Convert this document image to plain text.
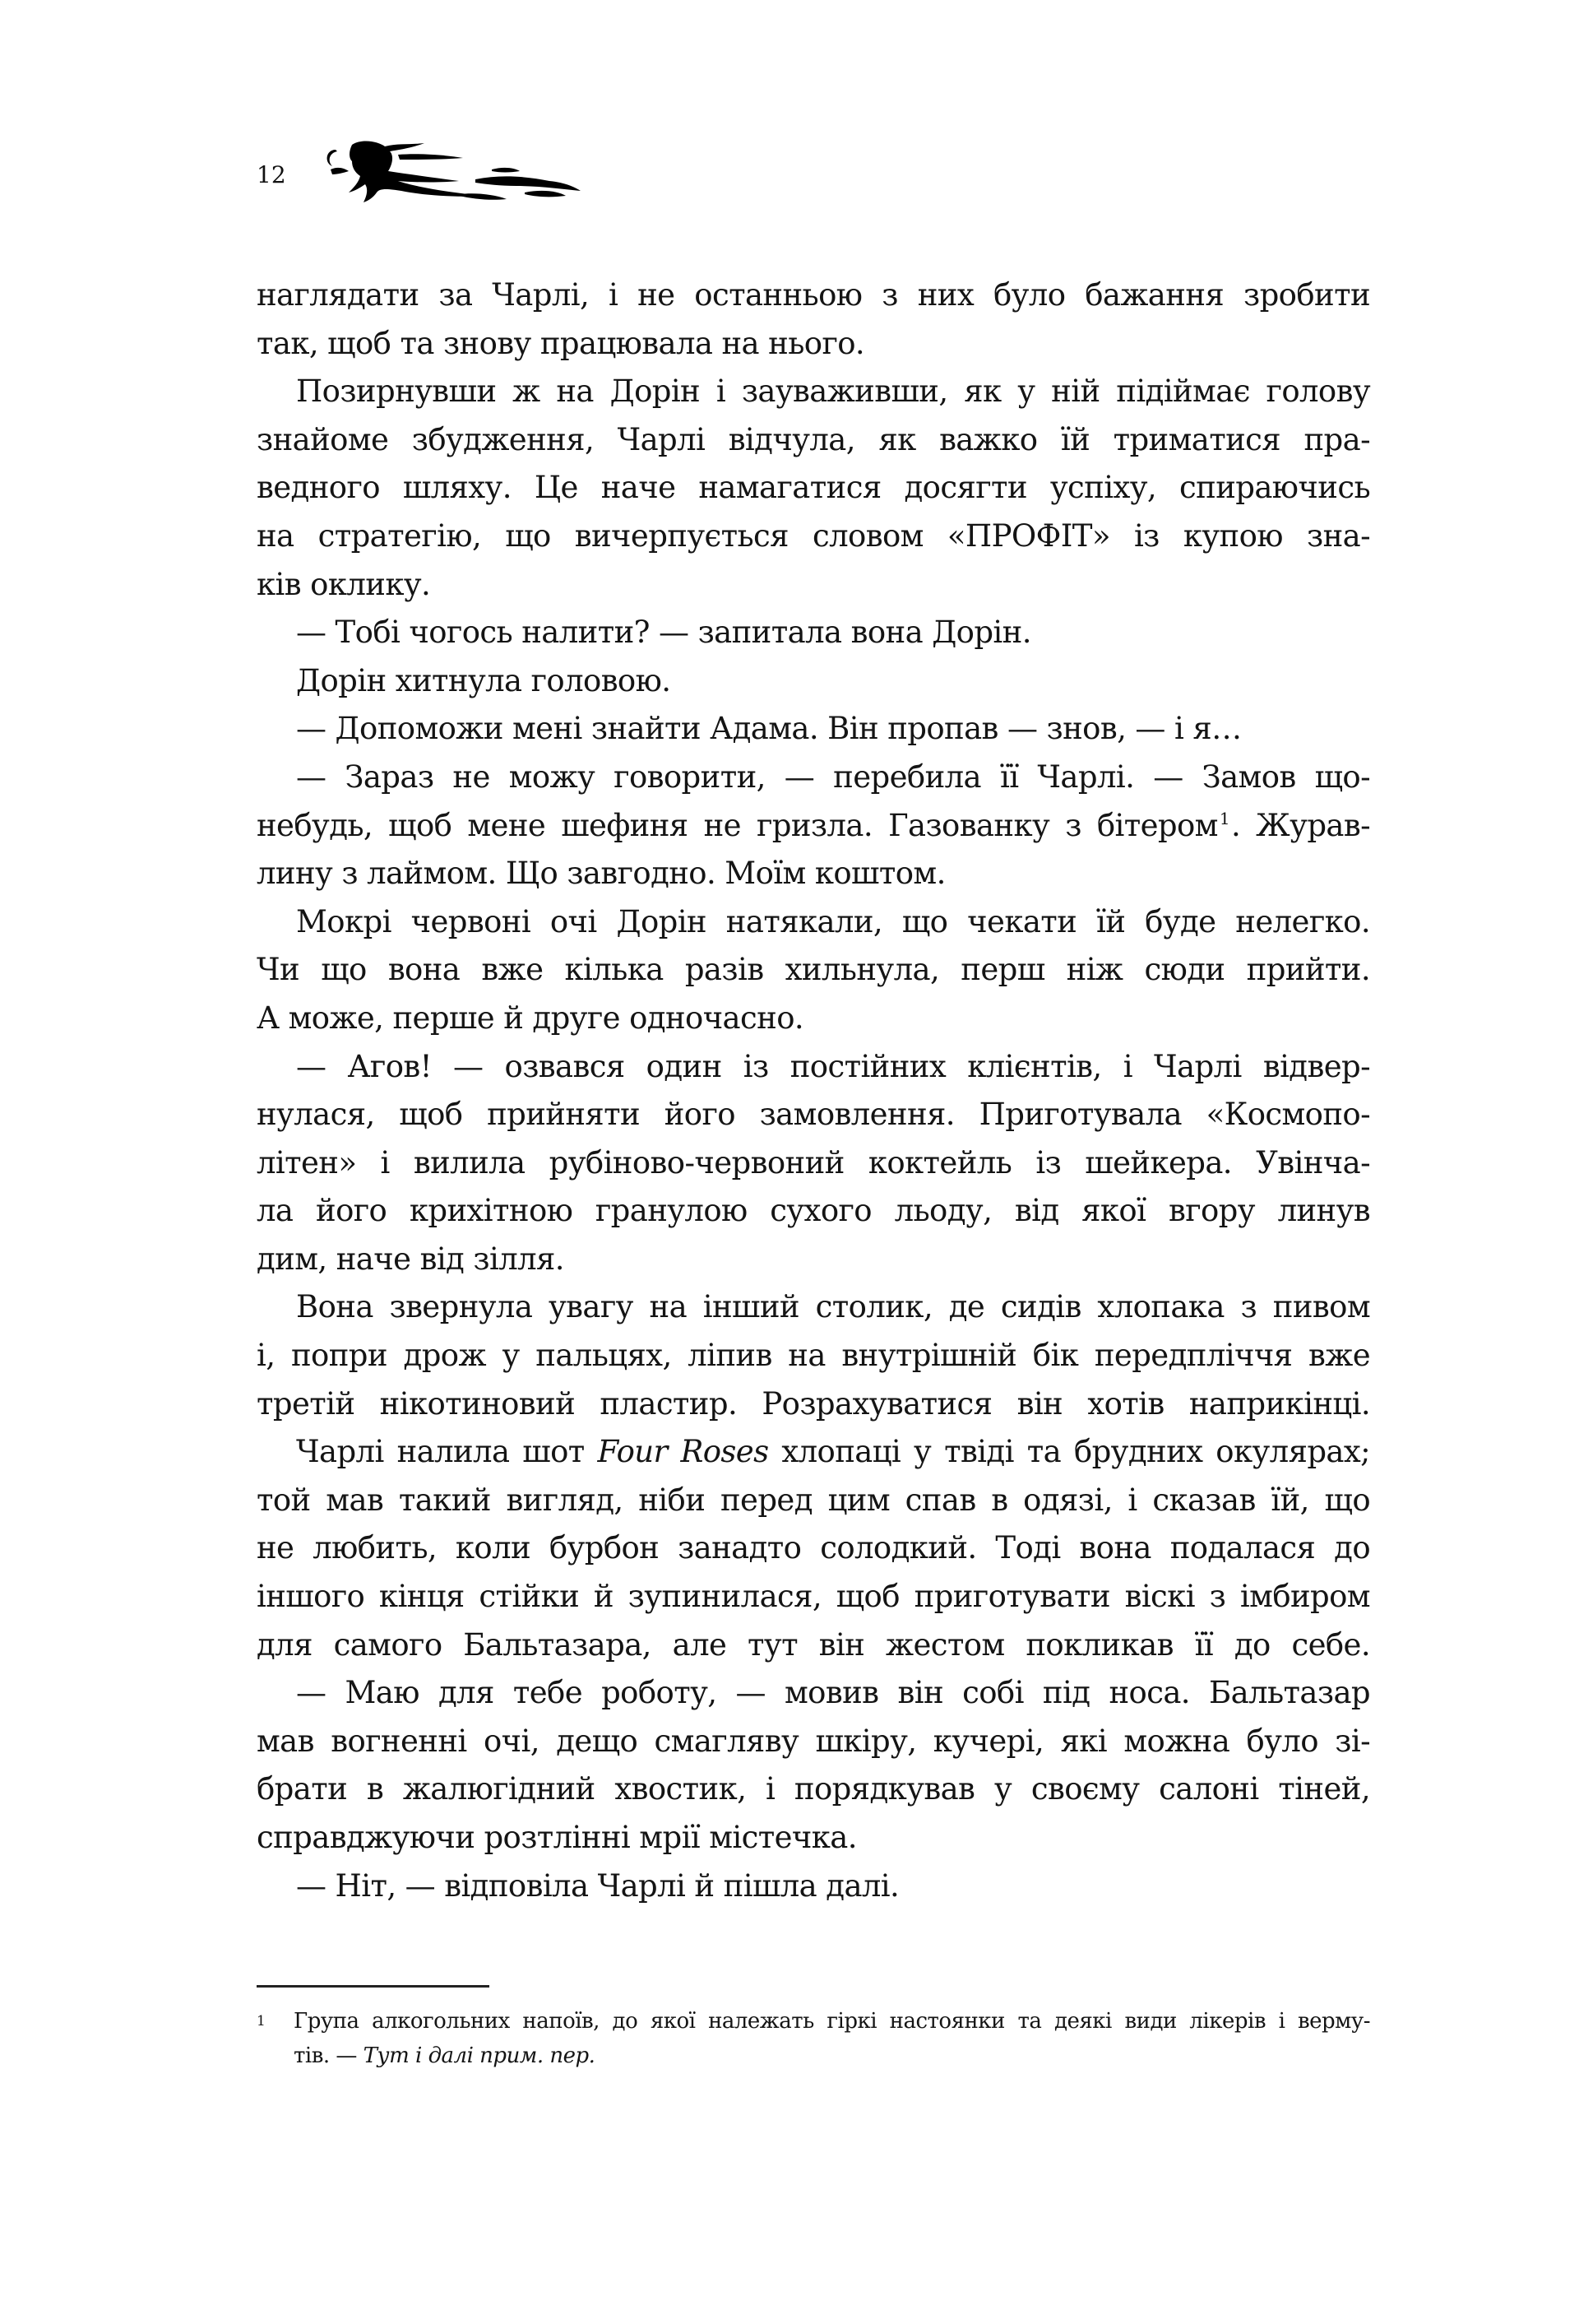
12
наглядати за Чарлі, і не останньою з них було бажання зробити
так, щоб та знову працювала на нього.
Позирнувши ж на Дорін і зауваживши, як у ній підіймає голову
знайоме збудження, Чарлі відчула, як важко їй триматися пра-
ведного шляху. Це наче намагатися досягти успіху, спираючись
на стратегію, що вичерпується словом «ПРОФІТ» із купою зна-
ків оклику.
— Тобі чогось налити? — запитала вона Дорін.
Дорін хитнула головою.
— Допоможи мені знайти Адама. Він пропав — знов, — і я…
— Зараз не можу говорити, — перебила її Чарлі. — Замов що-
небудь, щоб мене шефиня не гризла. Газованку з бітером $^1$. Журав-
лину з лаймом. Що завгодно. Моїм коштом.
Мокрі червоні очі Дорін натякали, що чекати їй буде нелегко.
Чи що вона вже кілька разів хильнула, перш ніж сюди прийти.
А може, перше й друге одночасно.
— Агов! — озвався один із постійних клієнтів, і Чарлі відвер-
нулася, щоб прийняти його замовлення. Приготувала «Космопо-
літен» і вилила рубіново-червоний коктейль із шейкера. Увінча-
ла його крихітною гранулою сухого льоду, від якої вгору линув
дим, наче від зілля.
Вона звернула увагу на інший столик, де сидів хлопака з пивом
і, попри дрож у пальцях, ліпив на внутрішній бік передпліччя вже
третій нікотиновий пластир. Розрахуватися він хотів наприкінці.
Чарлі налила шот Four Roses хлопаці у твіді та брудних окулярах;
той мав такий вигляд, ніби перед цим спав в одязі, і сказав їй, що
не любить, коли бурбон занадто солодкий. Тоді вона подалася до
іншого кінця стійки й зупинилася, щоб приготувати віскі з імбиром
для самого Бальтазара, але тут він жестом покликав її до себе.
— Маю для тебе роботу, — мовив він собі під носа. Бальтазар
мав вогненні очі, дещо смагляву шкіру, кучері, які можна було зі-
брати в жалюгідний хвостик, і порядкував у своєму салоні тіней,
справджуючи розтлінні мрії містечка.
— Ніт, — відповіла Чарлі й пішла далі.
1 Група алкогольних напоїв, до якої належать гіркі настоянки та деякі види лікерів і верму-
тів. — Тут і далі прим. пер.
